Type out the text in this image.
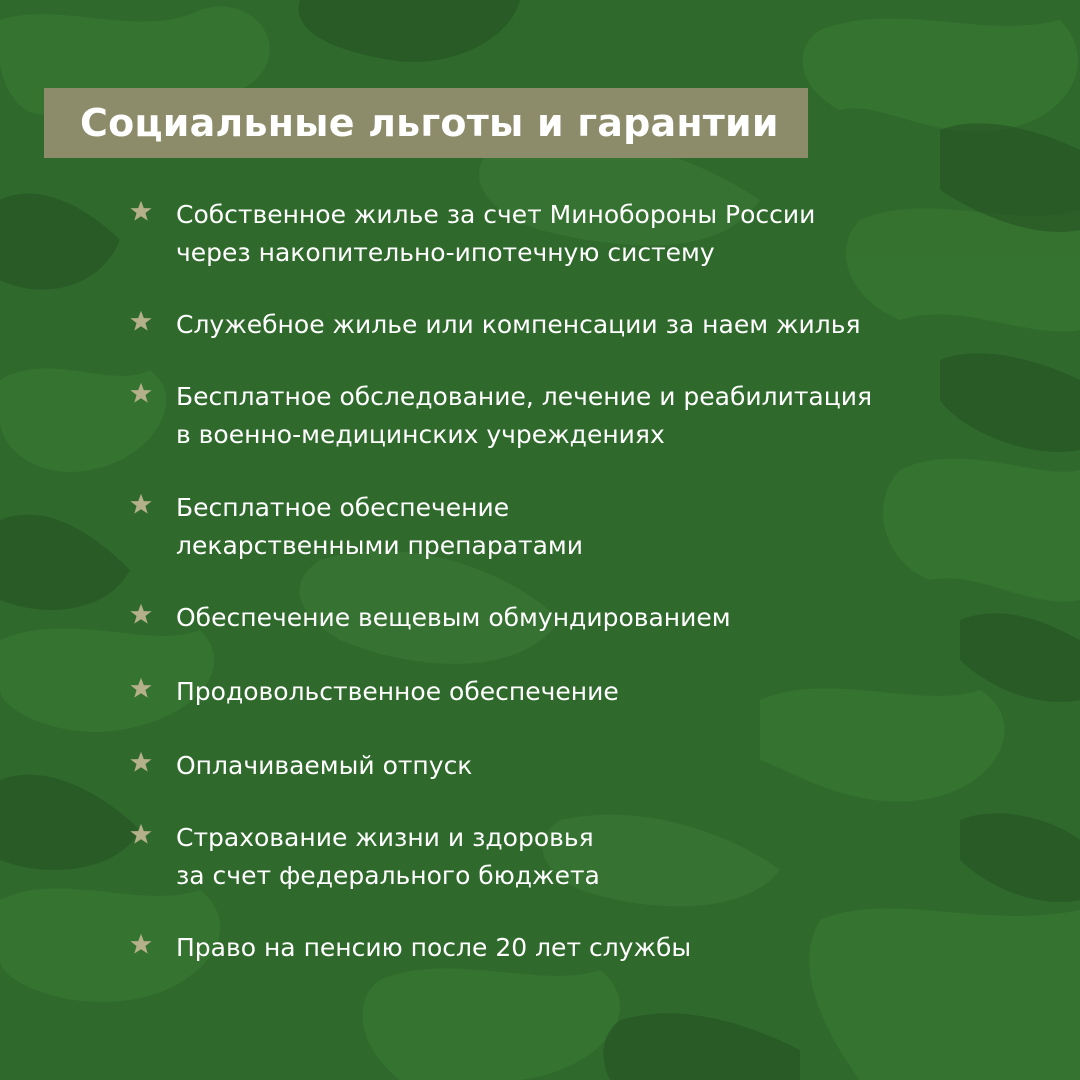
Социальные льготы и гарантии
Собственное жилье за счет Минобороны России
через накопительно-ипотечную систему
Служебное жилье или компенсации за наем жилья
Бесплатное обследование, лечение и реабилитация
в военно-медицинских учреждениях
Бесплатное обеспечение
лекарственными препаратами
Обеспечение вещевым обмундированием
Продовольственное обеспечение
Оплачиваемый отпуск
Страхование жизни и здоровья
за счет федерального бюджета
Право на пенсию после 20 лет службы
